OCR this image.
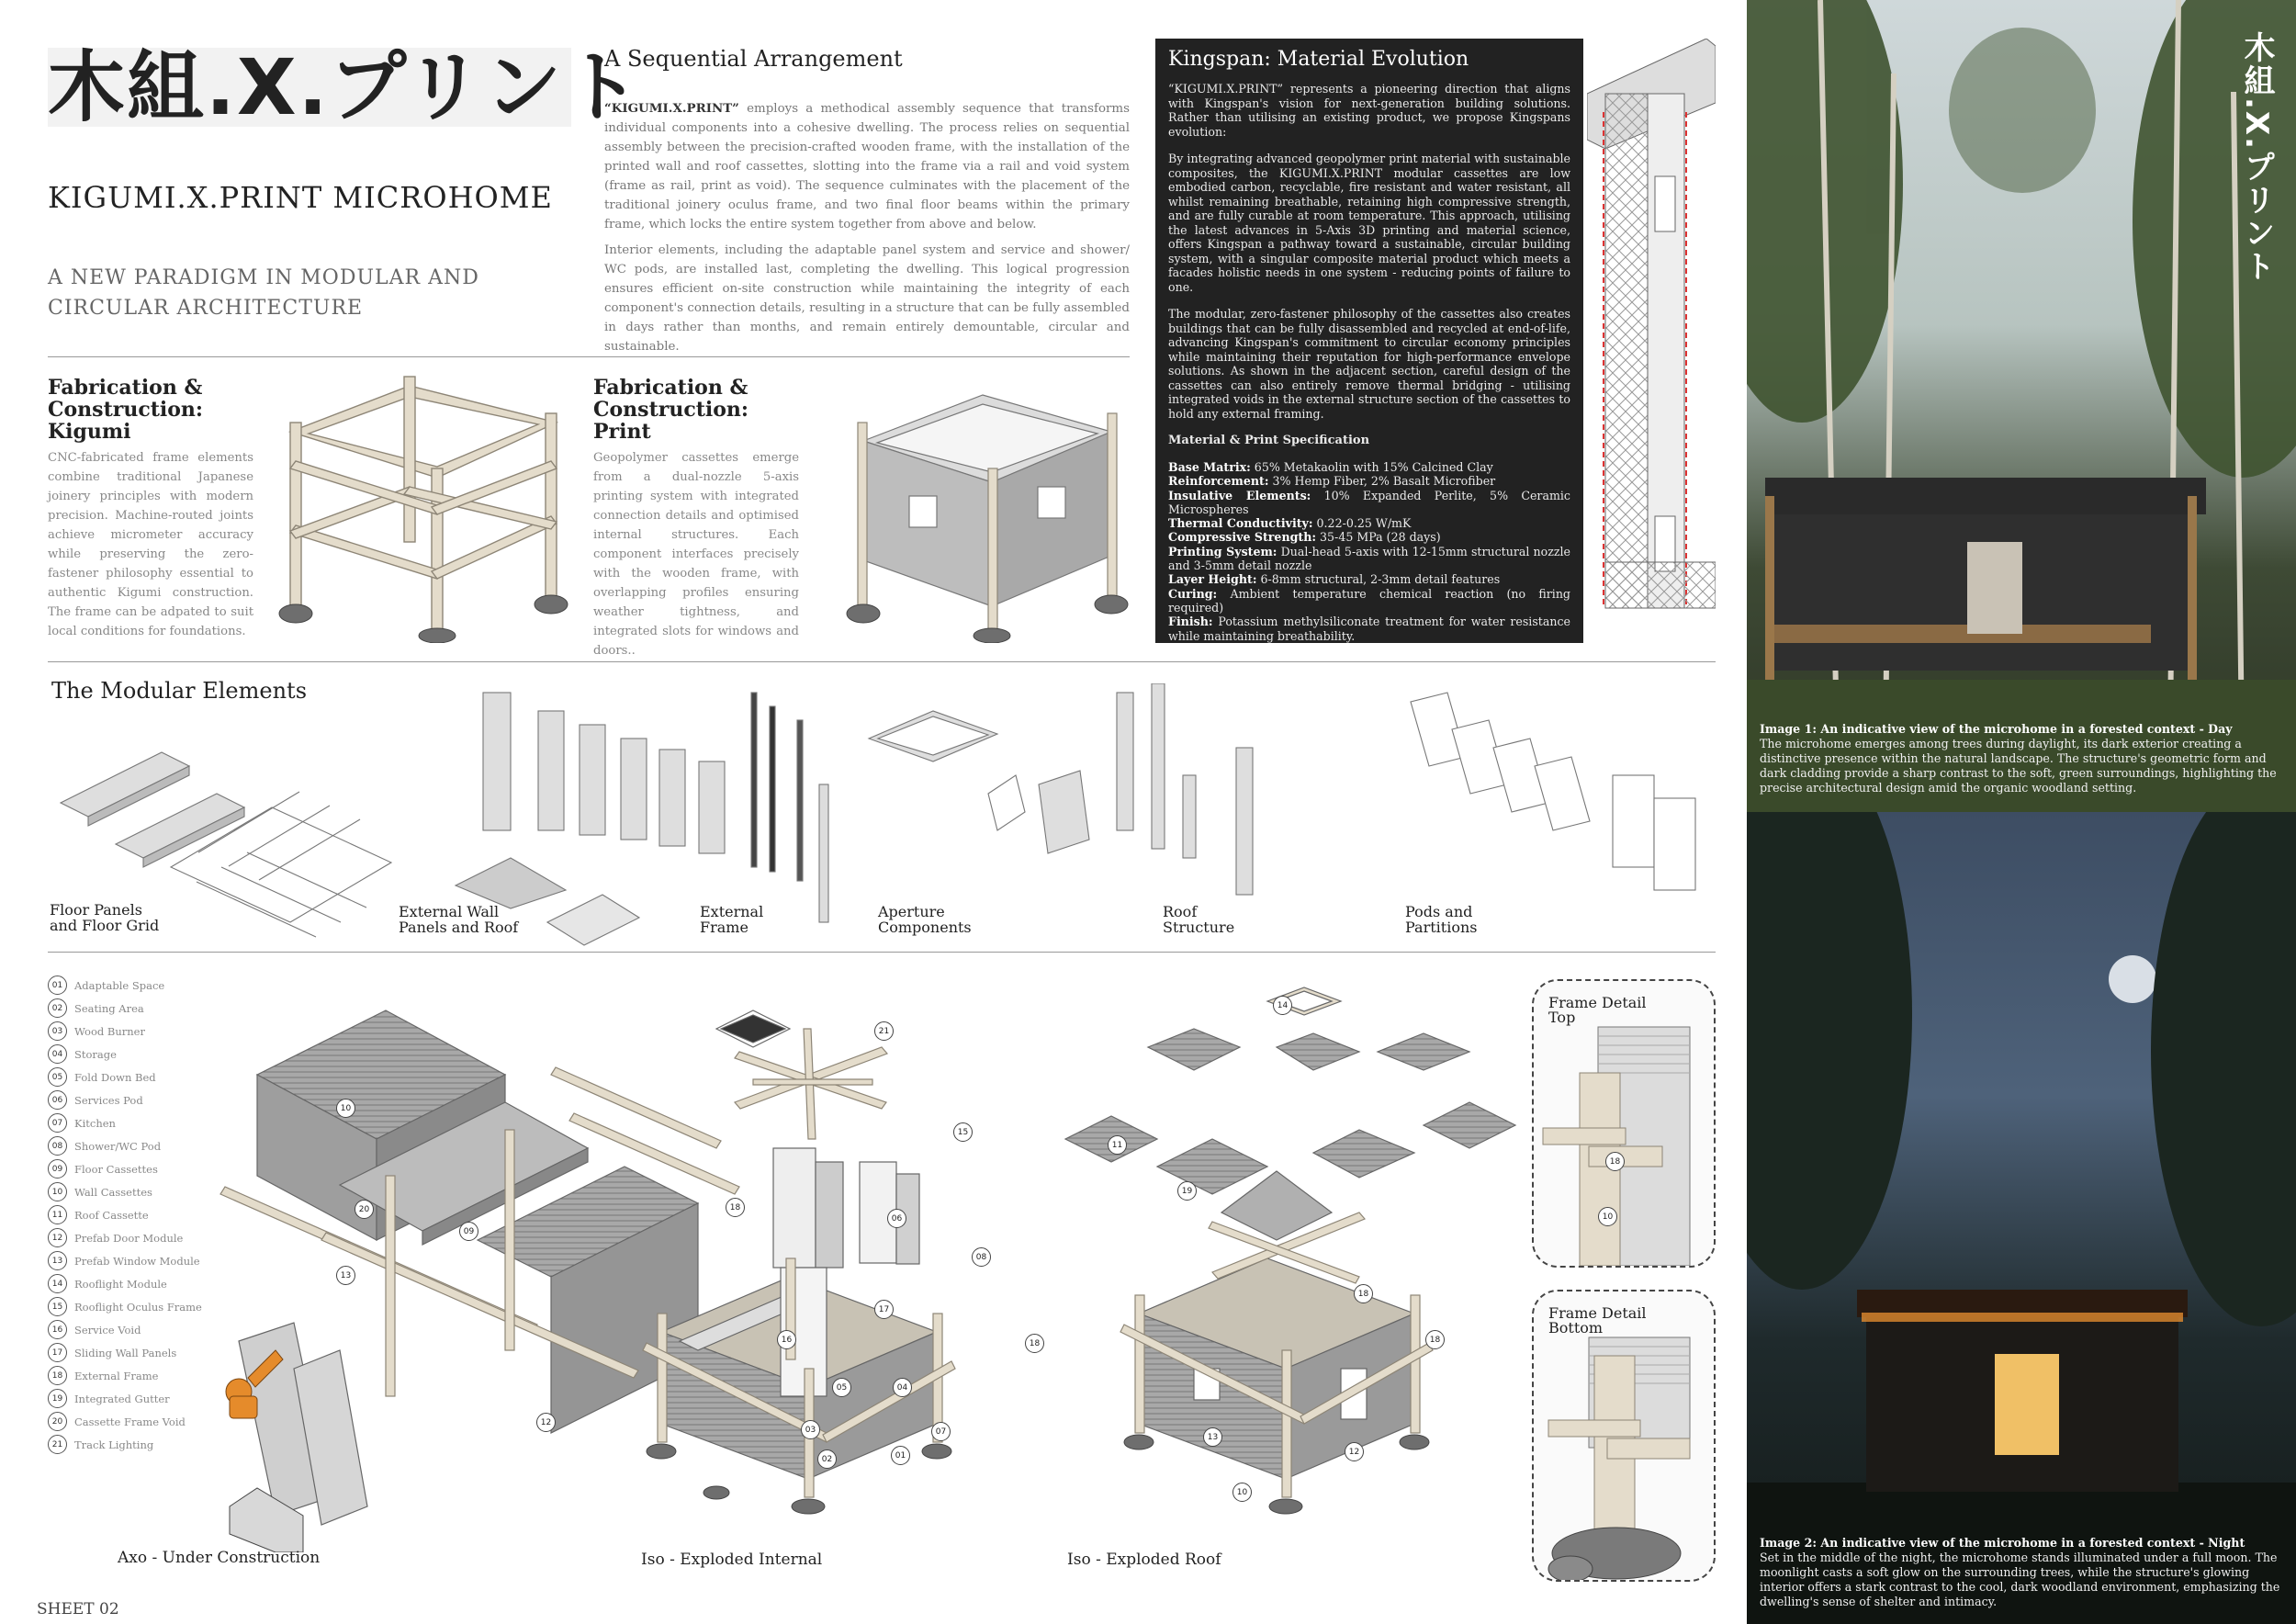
木組.X.プリント
KIGUMI.X.PRINT MICROHOME
A NEW PARADIGM IN MODULAR AND CIRCULAR ARCHITECTURE
A Sequential Arrangement
“KIGUMI.X.PRINT” employs a methodical assembly sequence that transforms individual components into a cohesive dwelling. The process relies on sequential assembly between the precision-crafted wooden frame, with the installation of the printed wall and roof cassettes, slotting into the frame via a rail and void system (frame as rail, print as void). The sequence culminates with the placement of the traditional joinery oculus frame, and two final floor beams within the primary frame, which locks the entire system together from above and below.
Interior elements, including the adaptable panel system and service and shower/ WC pods, are installed last, completing the dwelling. This logical progression ensures efficient on-site construction while maintaining the integrity of each component's connection details, resulting in a structure that can be fully assembled in days rather than months, and remain entirely demountable, circular and sustainable.
Fabrication &
Construction:
Kigumi
CNC-fabricated frame elements combine traditional Japanese joinery principles with modern precision. Machine-routed joints achieve micrometer accuracy while preserving the zero-fastener philosophy essential to authentic Kigumi construction. The frame can be adpated to suit local conditions for foundations.
Fabrication &
Construction:
Print
Geopolymer cassettes emerge from a dual-nozzle 5-axis printing system with integrated connection details and optimised internal structures. Each component interfaces precisely with the wooden frame, with overlapping profiles ensuring weather tightness, and integrated slots for windows and doors..
Kingspan: Material Evolution

“KIGUMI.X.PRINT” represents a pioneering direction that aligns with Kingspan's vision for next-generation building solutions. Rather than utilising an existing product, we propose Kingspans evolution:

By integrating advanced geopolymer print material with sustainable composites, the KIGUMI.X.PRINT modular cassettes are low embodied carbon, recyclable, fire resistant and water resistant, all whilst remaining breathable, retaining high compressive strength, and are fully curable at room temperature. This approach, utilising the latest advances in 5-Axis 3D printing and material science, offers Kingspan a pathway toward a sustainable, circular building system, with a singular composite material product which meets a facades holistic needs in one system - reducing points of failure to one.

The modular, zero-fastener philosophy of the cassettes also creates buildings that can be fully disassembled and recycled at end-of-life, advancing Kingspan's commitment to circular economy principles while maintaining their reputation for high-performance envelope solutions. As shown in the adjacent section, careful design of the cassettes can also entirely remove thermal bridging - utilising integrated voids in the external structure section of the cassettes to hold any external framing.

Material & Print Specification

Base Matrix: 65% Metakaolin with 15% Calcined Clay

Reinforcement: 3% Hemp Fiber, 2% Basalt Microfiber

Insulative Elements: 10% Expanded Perlite, 5% Ceramic Microspheres

Thermal Conductivity: 0.22-0.25 W/mK

Compressive Strength: 35-45 MPa (28 days)

Printing System: Dual-head 5-axis with 12-15mm structural nozzle and 3-5mm detail nozzle

Layer Height: 6-8mm structural, 2-3mm detail features

Curing: Ambient temperature chemical reaction (no firing required)

Finish: Potassium methylsiliconate treatment for water resistance while maintaining breathability.

The Modular Elements
Floor Panels
and Floor Grid
External Wall
Panels and Roof
External
Frame
Aperture
Components
Roof
Structure
Pods and
Partitions
01	Adaptable Space
02	Seating Area
03	Wood Burner
04	Storage
05	Fold Down Bed
06	Services Pod
07	Kitchen
08	Shower/WC Pod
09	Floor Cassettes
10	Wall Cassettes
11	Roof Cassette
12	Prefab Door Module
13	Prefab Window Module
14	Rooflight Module
15	Rooflight Oculus Frame
16	Service Void
17	Sliding Wall Panels
18	External Frame
19	Integrated Gutter
20	Cassette Frame Void
21	Track Lighting
10
20
09
13
18
12
21
15
06
08
17
16	18
05	04
03	07
02	01
14
11
19
18
18
13
12
10
Axo - Under Construction	Iso - Exploded Internal	Iso - Exploded Roof
Frame Detail
Top
18
10
Frame Detail
Bottom
木組.X.プリント
Image 1: An indicative view of the microhome in a forested context - Day
The microhome emerges among trees during daylight, its dark exterior creating a distinctive presence within the natural landscape. The structure's geometric form and dark cladding provide a sharp contrast to the soft, green surroundings, highlighting the precise architectural design amid the organic woodland setting.
Image 2: An indicative view of the microhome in a forested context - Night
Set in the middle of the night, the microhome stands illuminated under a full moon. The moonlight casts a soft glow on the surrounding trees, while the structure's glowing interior offers a stark contrast to the cool, dark woodland environment, emphasizing the dwelling's sense of shelter and intimacy.
SHEET 02
